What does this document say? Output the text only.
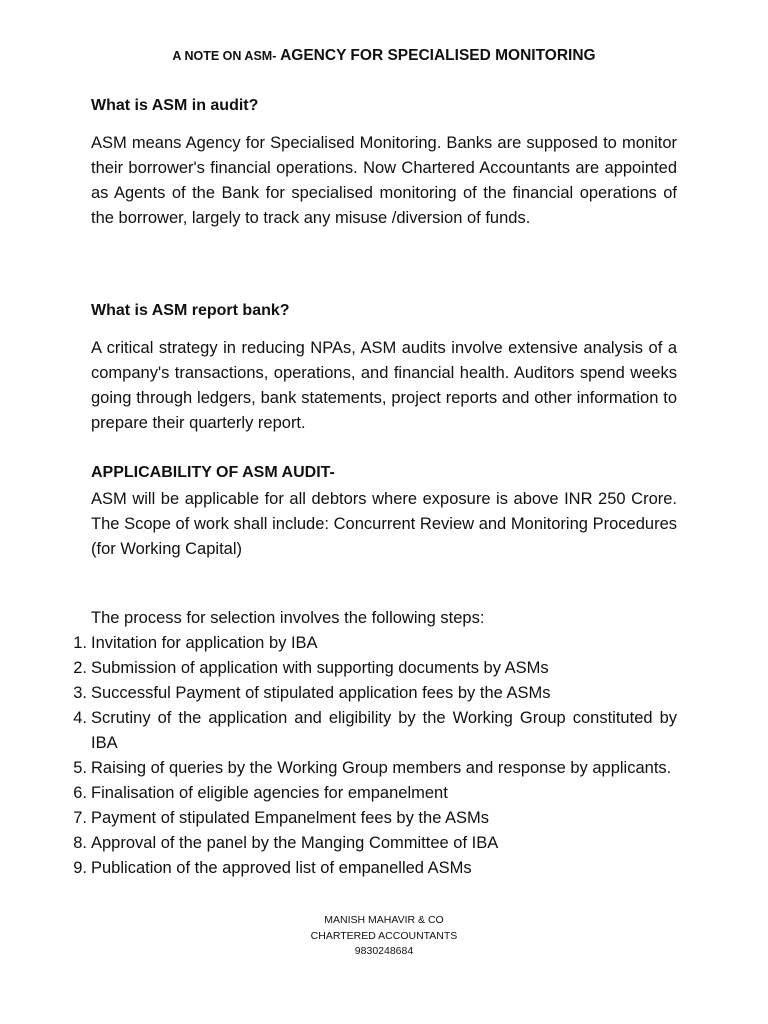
A NOTE ON ASM- AGENCY FOR SPECIALISED MONITORING
What is ASM in audit?

ASM means Agency for Specialised Monitoring. Banks are supposed to monitor their borrower's financial operations. Now Chartered Accountants are appointed as Agents of the Bank for specialised monitoring of the financial operations of the borrower, largely to track any misuse /diversion of funds.

What is ASM report bank?

A critical strategy in reducing NPAs, ASM audits involve extensive analysis of a company's transactions, operations, and financial health. Auditors spend weeks going through ledgers, bank statements, project reports and other information to prepare their quarterly report.

APPLICABILITY OF ASM AUDIT-

ASM will be applicable for all debtors where exposure is above INR 250 Crore. The Scope of work shall include: Concurrent Review and Monitoring Procedures (for Working Capital)

The process for selection involves the following steps:
1. Invitation for application by IBA
2. Submission of application with supporting documents by ASMs
3. Successful Payment of stipulated application fees by the ASMs
4. Scrutiny of the application and eligibility by the Working Group constituted by IBA
5. Raising of queries by the Working Group members and response by applicants.
6. Finalisation of eligible agencies for empanelment
7. Payment of stipulated Empanelment fees by the ASMs
8. Approval of the panel by the Manging Committee of IBA
9. Publication of the approved list of empanelled ASMs
MANISH MAHAVIR & CO
CHARTERED ACCOUNTANTS
9830248684
